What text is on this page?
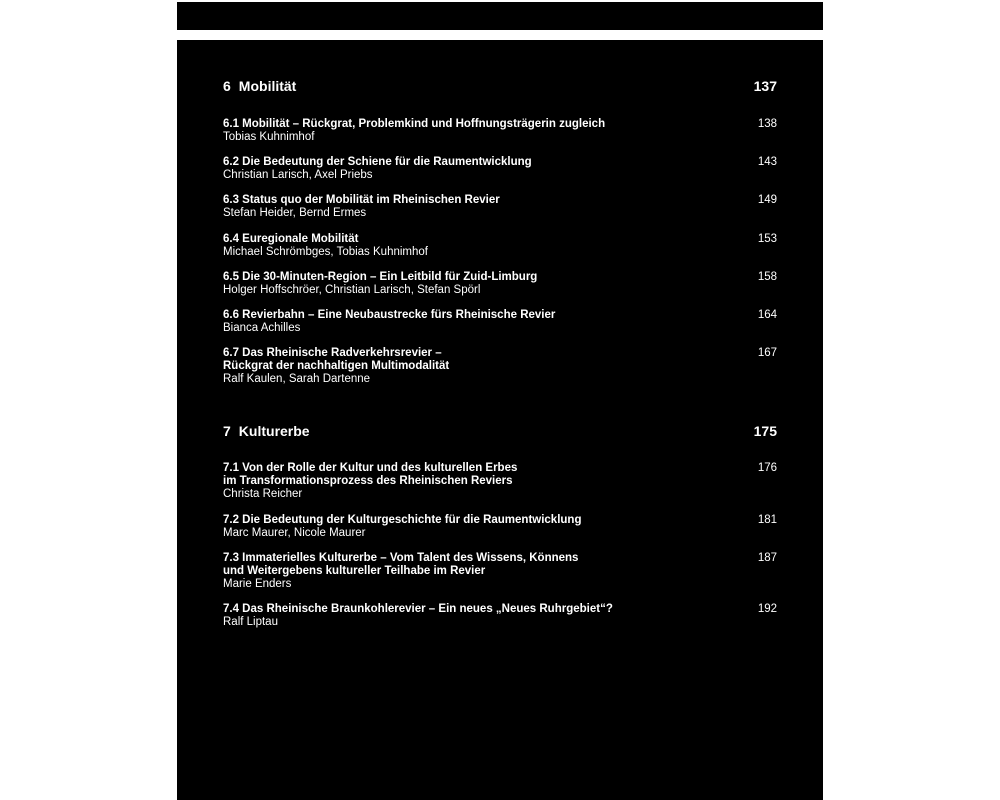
6 Mobilität	137
6.1 Mobilität – Rückgrat, Problemkind und Hoffnungsträgerin zugleich
Tobias Kuhnimhof
138
6.2 Die Bedeutung der Schiene für die Raumentwicklung
Christian Larisch, Axel Priebs
143
6.3 Status quo der Mobilität im Rheinischen Revier
Stefan Heider, Bernd Ermes
149
6.4 Euregionale Mobilität
Michael Schrömbges, Tobias Kuhnimhof
153
6.5 Die 30-Minuten-Region – Ein Leitbild für Zuid-Limburg
Holger Hoffschröer, Christian Larisch, Stefan Spörl
158
6.6 Revierbahn – Eine Neubaustrecke fürs Rheinische Revier
Bianca Achilles
164
6.7 Das Rheinische Radverkehrsrevier –
Rückgrat der nachhaltigen Multimodalität
Ralf Kaulen, Sarah Dartenne
167
7 Kulturerbe	175
7.1 Von der Rolle der Kultur und des kulturellen Erbes
im Transformationsprozess des Rheinischen Reviers
Christa Reicher
176
7.2 Die Bedeutung der Kulturgeschichte für die Raumentwicklung
Marc Maurer, Nicole Maurer
181
7.3 Immaterielles Kulturerbe – Vom Talent des Wissens, Könnens
und Weitergebens kultureller Teilhabe im Revier
Marie Enders
187
7.4 Das Rheinische Braunkohlerevier – Ein neues „Neues Ruhrgebiet“?
Ralf Liptau
192
